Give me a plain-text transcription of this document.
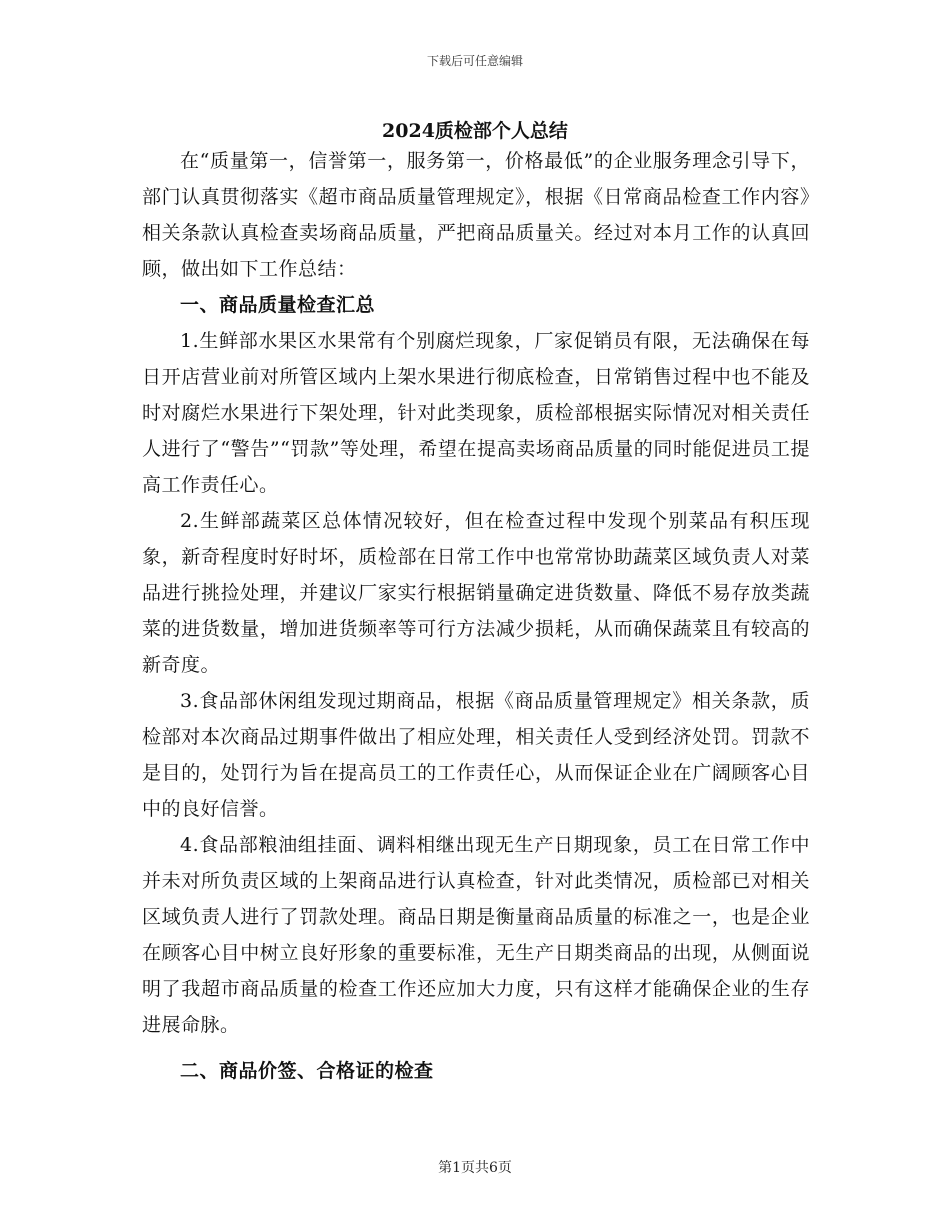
下载后可任意编辑
2024质检部个人总结

在“质量第一，信誉第一，服务第一，价格最低”的企业服务理念引导下，部门认真贯彻落实《超市商品质量管理规定》，根据《日常商品检查工作内容》相关条款认真检查卖场商品质量，严把商品质量关。经过对本月工作的认真回顾，做出如下工作总结：

一、商品质量检查汇总

1.生鲜部水果区水果常有个别腐烂现象，厂家促销员有限，无法确保在每日开店营业前对所管区域内上架水果进行彻底检查，日常销售过程中也不能及时对腐烂水果进行下架处理，针对此类现象，质检部根据实际情况对相关责任人进行了“警告”“罚款”等处理，希望在提高卖场商品质量的同时能促进员工提高工作责任心。

2.生鲜部蔬菜区总体情况较好，但在检查过程中发现个别菜品有积压现象，新奇程度时好时坏，质检部在日常工作中也常常协助蔬菜区域负责人对菜品进行挑捡处理，并建议厂家实行根据销量确定进货数量、降低不易存放类蔬菜的进货数量，增加进货频率等可行方法减少损耗，从而确保蔬菜且有较高的新奇度。

3.食品部休闲组发现过期商品，根据《商品质量管理规定》相关条款，质检部对本次商品过期事件做出了相应处理，相关责任人受到经济处罚。罚款不是目的，处罚行为旨在提高员工的工作责任心，从而保证企业在广阔顾客心目中的良好信誉。

4.食品部粮油组挂面、调料相继出现无生产日期现象，员工在日常工作中并未对所负责区域的上架商品进行认真检查，针对此类情况，质检部已对相关区域负责人进行了罚款处理。商品日期是衡量商品质量的标准之一，也是企业在顾客心目中树立良好形象的重要标准，无生产日期类商品的出现，从侧面说明了我超市商品质量的检查工作还应加大力度，只有这样才能确保企业的生存进展命脉。

二、商品价签、合格证的检查
第1页共6页
